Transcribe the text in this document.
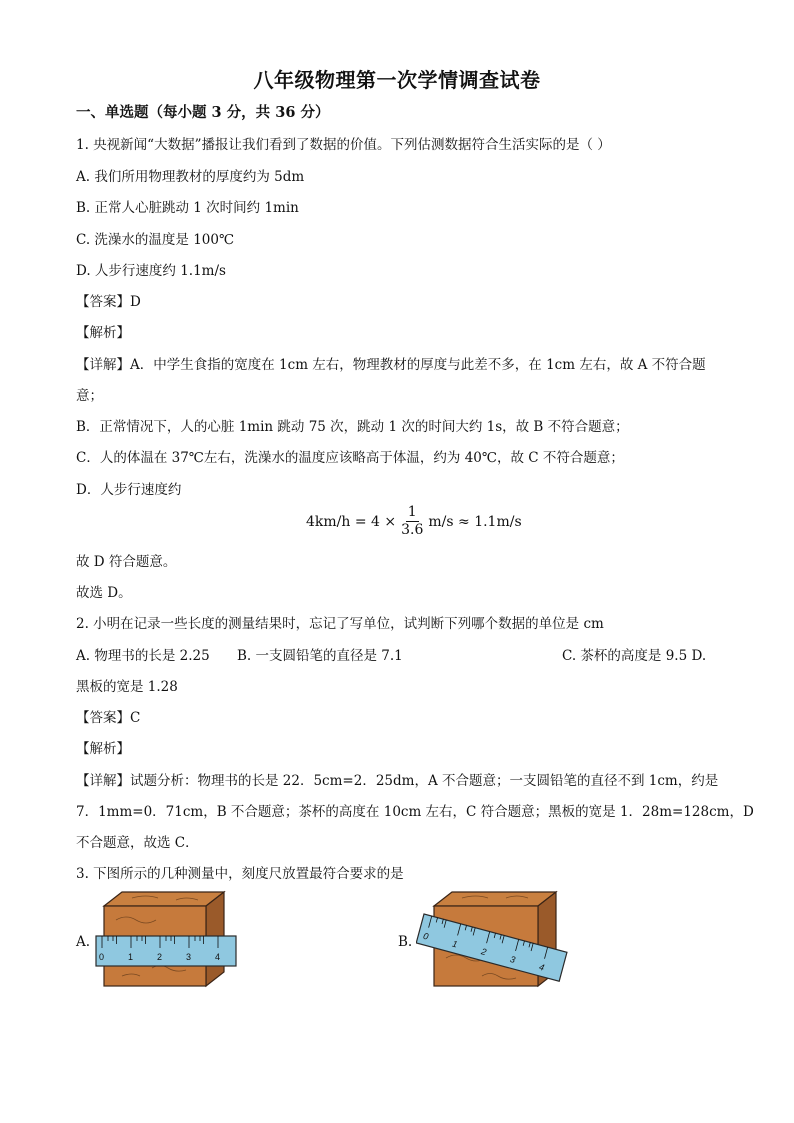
八年级物理第一次学情调查试卷
一、单选题（每小题 3 分，共 36 分）
1. 央视新闻“大数据”播报让我们看到了数据的价值。下列估测数据符合生活实际的是（ ）
A. 我们所用物理教材的厚度约为 5dm
B. 正常人心脏跳动 1 次时间约 1min
C. 洗澡水的温度是 100℃
D. 人步行速度约 1.1m/s
【答案】D
【解析】
【详解】A．中学生食指的宽度在 1cm 左右，物理教材的厚度与此差不多，在 1cm 左右，故 A 不符合题
意；
B．正常情况下，人的心脏 1min 跳动 75 次，跳动 1 次的时间大约 1s，故 B 不符合题意；
C．人的体温在 37℃左右，洗澡水的温度应该略高于体温，约为 40℃，故 C 不符合题意；
D．人步行速度约
$4km/h = 4 \times \frac{1}{3.6} m/s \approx 1.1m/s$
故 D 符合题意。
故选 D。
2. 小明在记录一些长度的测量结果时，忘记了写单位，试判断下列哪个数据的单位是 cm
A. 物理书的长是 2.25 B. 一支圆铅笔的直径是 7.1	C. 茶杯的高度是 9.5 D.
黑板的宽是 1.28
【答案】C
【解析】
【详解】试题分析：物理书的长是 22．5cm=2．25dm，A 不合题意；一支圆铅笔的直径不到 1cm，约是
7．1mm=0．71cm，B 不合题意；茶杯的高度在 10cm 左右，C 符合题意；黑板的宽是 1．28m=128cm，D
不合题意，故选 C．
3. 下图所示的几种测量中，刻度尺放置最符合要求的是
A.	B.
0	1	2	3	4
0
1
2
3
4
